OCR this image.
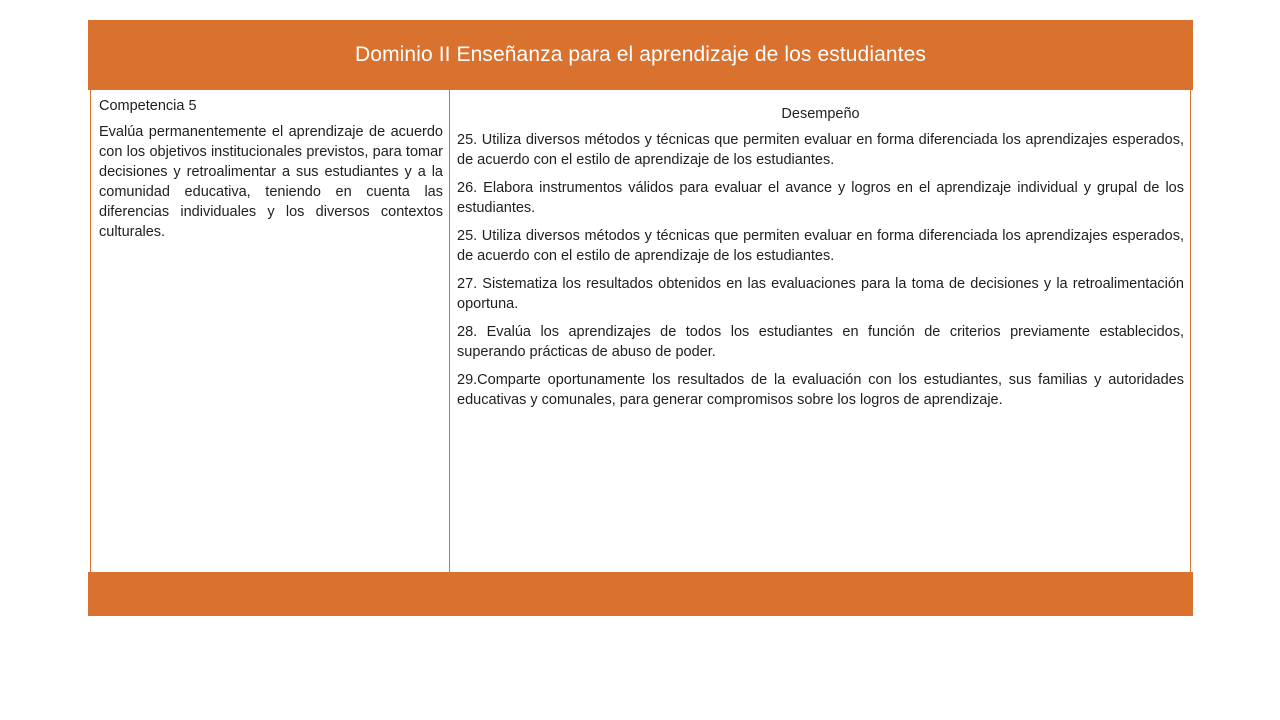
Dominio II Enseñanza para el aprendizaje de los estudiantes

Competencia 5

Evalúa permanentemente el aprendizaje de acuerdo con los objetivos institucionales previstos, para tomar decisiones y retroalimentar a sus estudiantes y a la comunidad educativa, teniendo en cuenta las diferencias individuales y los diversos contextos culturales.

Desempeño

25. Utiliza diversos métodos y técnicas que permiten evaluar en forma diferenciada los aprendizajes esperados, de acuerdo con el estilo de aprendizaje de los estudiantes.

26. Elabora instrumentos válidos para evaluar el avance y logros en el aprendizaje individual y grupal de los estudiantes.

25. Utiliza diversos métodos y técnicas que permiten evaluar en forma diferenciada los aprendizajes esperados, de acuerdo con el estilo de aprendizaje de los estudiantes.

27. Sistematiza los resultados obtenidos en las evaluaciones para la toma de decisiones y la retroalimentación oportuna.

28. Evalúa los aprendizajes de todos los estudiantes en función de criterios previamente establecidos, superando prácticas de abuso de poder.

29.Comparte oportunamente los resultados de la evaluación con los estudiantes, sus familias y autoridades educativas y comunales, para generar compromisos sobre los logros de aprendizaje.
